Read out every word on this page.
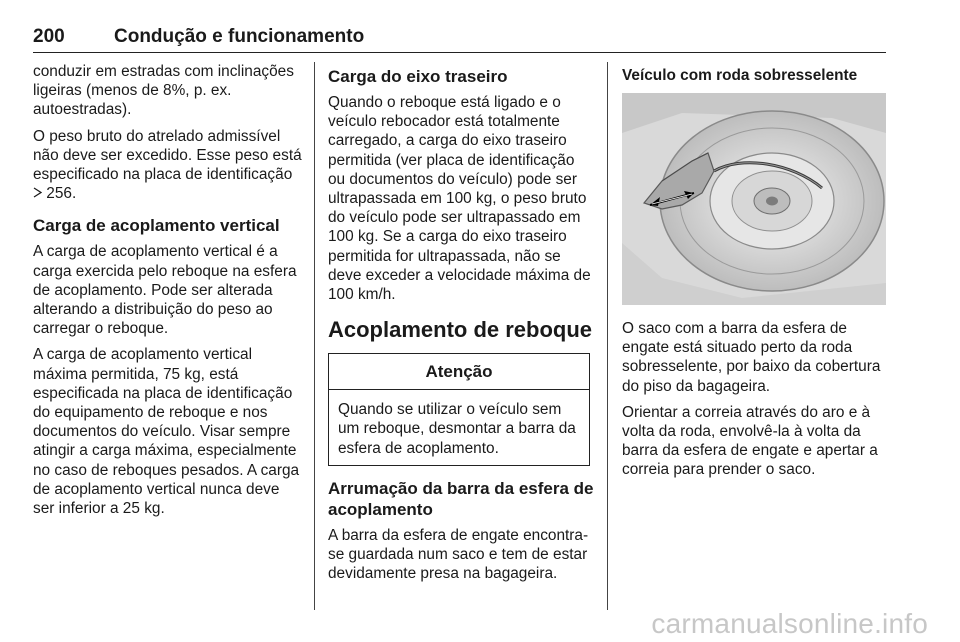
200	Condução e funcionamento

conduzir em estradas com inclinações ligeiras (menos de 8%, p. ex. autoestradas).

O peso bruto do atrelado admissível não deve ser excedido. Esse peso está especificado na placa de identificação  256.

Carga de acoplamento vertical

A carga de acoplamento vertical é a carga exercida pelo reboque na esfera de acoplamento. Pode ser alterada alterando a distribuição do peso ao carregar o reboque.

A carga de acoplamento vertical máxima permitida, 75 kg, está especificada na placa de identificação do equipamento de reboque e nos documentos do veículo. Visar sempre atingir a carga máxima, especialmente no caso de reboques pesados. A carga de acoplamento vertical nunca deve ser inferior a 25 kg.

Carga do eixo traseiro

Quando o reboque está ligado e o veículo rebocador está totalmente carregado, a carga do eixo traseiro permitida (ver placa de identificação ou documentos do veículo) pode ser ultrapassada em 100 kg, o peso bruto do veículo pode ser ultrapassado em 100 kg. Se a carga do eixo traseiro permitida for ultrapassada, não se deve exceder a velocidade máxima de 100 km/h.

Acoplamento de reboque
Atenção
Quando se utilizar o veículo sem um reboque, desmontar a barra da esfera de acoplamento.
Arrumação da barra da esfera de acoplamento

A barra da esfera de engate encontra-se guardada num saco e tem de estar devidamente presa na bagageira.

Veículo com roda sobresselente

O saco com a barra da esfera de engate está situado perto da roda sobresselente, por baixo da cobertura do piso da bagageira.

Orientar a correia através do aro e à volta da roda, envolvê-la à volta da barra da esfera de engate e apertar a correia para prender o saco.

carmanualsonline.info
